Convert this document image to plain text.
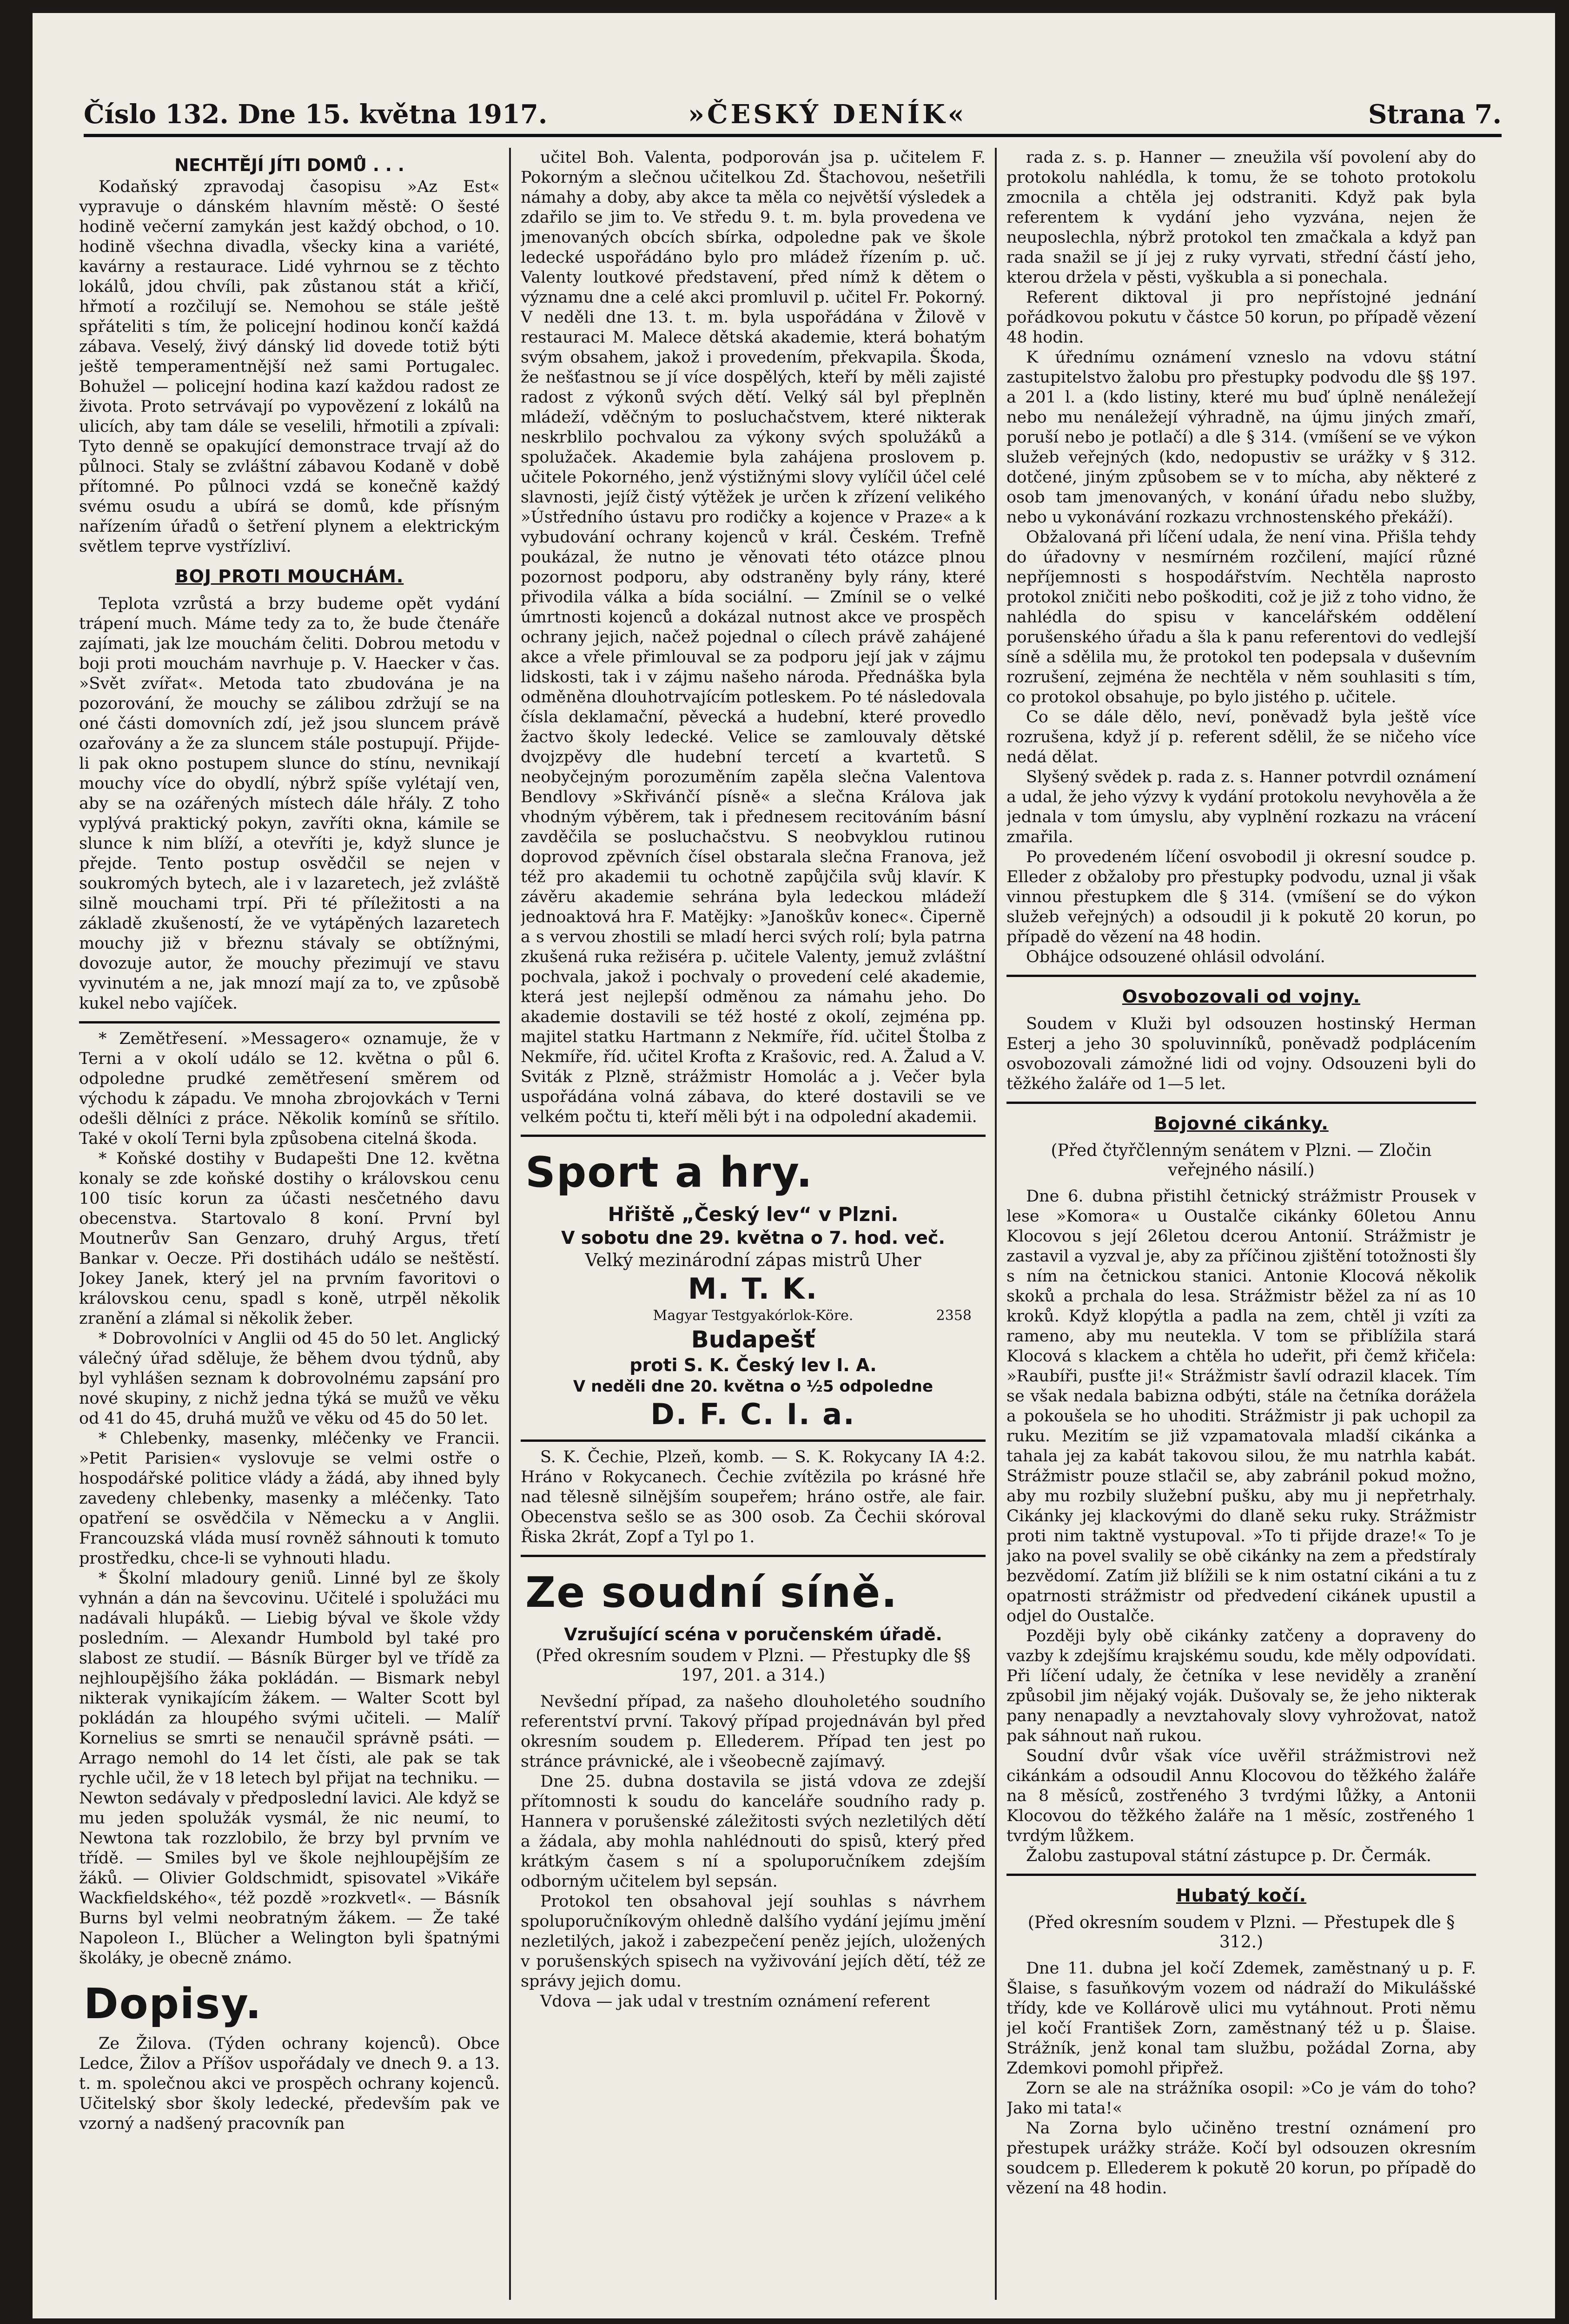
Číslo 132. Dne 15. května 1917.	»ČESKÝ DENÍK«	Strana 7.
NECHTĚJÍ JÍTI DOMŮ . . .

Kodaňský zpravodaj časopisu »Az Est« vypravuje o dánském hlavním městě: O šesté hodině večerní zamykán jest každý obchod, o 10. hodině všechna divadla, všecky kina a variété, kavárny a restaurace. Lidé vyhrnou se z těchto lokálů, jdou chvíli, pak zůstanou stát a křičí, hřmotí a rozčilují se. Nemohou se stále ještě spřáteliti s tím, že policejní hodinou končí každá zábava. Veselý, živý dánský lid dovede totiž býti ještě temperamentnější než sami Portugalec. Bohužel — policejní hodina kazí každou radost ze života. Proto setrvávají po vypovězení z lokálů na ulicích, aby tam dále se veselili, hřmotili a zpívali: Tyto denně se opakující demonstrace trvají až do půlnoci. Staly se zvláštní zábavou Kodaně v době přítomné. Po půlnoci vzdá se konečně každý svému osudu a ubírá se domů, kde přísným nařízením úřadů o šetření plynem a elektrickým světlem teprve vystřízliví.

BOJ PROTI MOUCHÁM.

Teplota vzrůstá a brzy budeme opět vydání trápení much. Máme tedy za to, že bude čtenáře zajímati, jak lze mouchám čeliti. Dobrou metodu v boji proti mouchám navrhuje p. V. Haecker v čas. »Svět zvířat«. Metoda tato zbudována je na pozorování, že mouchy se zálibou zdržují se na oné části domovních zdí, jež jsou sluncem právě ozařovány a že za sluncem stále postupují. Přijde-li pak okno postupem slunce do stínu, nevnikají mouchy více do obydlí, nýbrž spíše vylétají ven, aby se na ozářených místech dále hřály. Z toho vyplývá praktický pokyn, zavříti okna, kámile se slunce k nim blíží, a otevříti je, když slunce je přejde. Tento postup osvědčil se nejen v soukromých bytech, ale i v lazaretech, jež zvláště silně mouchami trpí. Při té příležitosti a na základě zkušeností, že ve vytápěných lazaretech mouchy již v březnu stávaly se obtížnými, dovozuje autor, že mouchy přezimují ve stavu vyvinutém a ne, jak mnozí mají za to, ve způsobě kukel nebo vajíček.

* Zemětřesení. »Messagero« oznamuje, že v Terni a v okolí událo se 12. května o půl 6. odpoledne prudké zemětřesení směrem od východu k západu. Ve mnoha zbrojovkách v Terni odešli dělníci z práce. Několik komínů se sřítilo. Také v okolí Terni byla způsobena citelná škoda.

* Koňské dostihy v Budapešti Dne 12. května konaly se zde koňské dostihy o královskou cenu 100 tisíc korun za účasti nesčetného davu obecenstva. Startovalo 8 koní. První byl Moutnerův San Genzaro, druhý Argus, třetí Bankar v. Oecze. Při dostihách událo se neštěstí. Jokey Janek, který jel na prvním favoritovi o královskou cenu, spadl s koně, utrpěl několik zranění a zlámal si několik žeber.

* Dobrovolníci v Anglii od 45 do 50 let. Anglický válečný úřad sděluje, že během dvou týdnů, aby byl vyhlášen seznam k dobrovolnému zapsání pro nové skupiny, z nichž jedna týká se mužů ve věku od 41 do 45, druhá mužů ve věku od 45 do 50 let.

* Chlebenky, masenky, mléčenky ve Francii. »Petit Parisien« vyslovuje se velmi ostře o hospodářské politice vlády a žádá, aby ihned byly zavedeny chlebenky, masenky a mléčenky. Tato opatření se osvědčila v Německu a v Anglii. Francouzská vláda musí rovněž sáhnouti k tomuto prostředku, chce-li se vyhnouti hladu.

* Školní mladoury geniů. Linné byl ze školy vyhnán a dán na ševcovinu. Učitelé i spolužáci mu nadávali hlupáků. — Liebig býval ve škole vždy posledním. — Alexandr Humbold byl také pro slabost ze studií. — Básník Bürger byl ve třídě za nejhloupějšího žáka pokládán. — Bismark nebyl nikterak vynikajícím žákem. — Walter Scott byl pokládán za hloupého svými učiteli. — Malíř Kornelius se smrti se nenaučil správně psáti. — Arrago nemohl do 14 let čísti, ale pak se tak rychle učil, že v 18 letech byl přijat na techniku. — Newton sedávaly v předposlední lavici. Ale když se mu jeden spolužák vysmál, že nic neumí, to Newtona tak rozzlobilo, že brzy byl prvním ve třídě. — Smiles byl ve škole nejhloupějším ze žáků. — Olivier Goldschmidt, spisovatel »Vikáře Wackfieldského«, též pozdě »rozkvetl«. — Básník Burns byl velmi neobratným žákem. — Že také Napoleon I., Blücher a Welington byli špatnými školáky, je obecně známo.

Dopisy.

Ze Žilova. (Týden ochrany kojenců). Obce Ledce, Žilov a Příšov uspořádaly ve dnech 9. a 13. t. m. společnou akci ve prospěch ochrany kojenců. Učitelský sbor školy ledecké, především pak ve vzorný a nadšený pracovník pan

učitel Boh. Valenta, podporován jsa p. učitelem F. Pokorným a slečnou učitelkou Zd. Štachovou, nešetřili námahy a doby, aby akce ta měla co největší výsledek a zdařilo se jim to. Ve středu 9. t. m. byla provedena ve jmenovaných obcích sbírka, odpoledne pak ve škole ledecké uspořádáno bylo pro mládež řízením p. uč. Valenty loutkové představení, před nímž k dětem o významu dne a celé akci promluvil p. učitel Fr. Pokorný. V neděli dne 13. t. m. byla uspořádána v Žilově v restauraci M. Malece dětská akademie, která bohatým svým obsahem, jakož i provedením, překvapila. Škoda, že nešťastnou se jí více dospělých, kteří by měli zajisté radost z výkonů svých dětí. Velký sál byl přeplněn mládeží, vděčným to posluchačstvem, které nikterak neskrblilo pochvalou za výkony svých spolužáků a spolužaček. Akademie byla zahájena proslovem p. učitele Pokorného, jenž výstižnými slovy vylíčil účel celé slavnosti, jejíž čistý výtěžek je určen k zřízení velikého »Ústředního ústavu pro rodičky a kojence v Praze« a k vybudování ochrany kojenců v král. Českém. Trefně poukázal, že nutno je věnovati této otázce plnou pozornost podporu, aby odstraněny byly rány, které přivodila válka a bída sociální. — Zmínil se o velké úmrtnosti kojenců a dokázal nutnost akce ve prospěch ochrany jejich, načež pojednal o cílech právě zahájené akce a vřele přimlouval se za podporu její jak v zájmu lidskosti, tak i v zájmu našeho národa. Přednáška byla odměněna dlouhotrvajícím potleskem. Po té následovala čísla deklamační, pěvecká a hudební, které provedlo žactvo školy ledecké. Velice se zamlouvaly dětské dvojzpěvy dle hudební tercetí a kvartetů. S neobyčejným porozuměním zapěla slečna Valentova Bendlovy »Skřivánčí písně« a slečna Králova jak vhodným výběrem, tak i přednesem recitováním básní zavděčila se posluchačstvu. S neobvyklou rutinou doprovod zpěvních čísel obstarala slečna Franova, jež též pro akademii tu ochotně zapůjčila svůj klavír. K závěru akademie sehrána byla ledeckou mládeží jednoaktová hra F. Matějky: »Janoškův konec«. Čiperně a s vervou zhostili se mladí herci svých rolí; byla patrna zkušená ruka režiséra p. učitele Valenty, jemuž zvláštní pochvala, jakož i pochvaly o provedení celé akademie, která jest nejlepší odměnou za námahu jeho. Do akademie dostavili se též hosté z okolí, zejména pp. majitel statku Hartmann z Nekmíře, říd. učitel Štolba z Nekmíře, říd. učitel Krofta z Krašovic, red. A. Žalud a V. Sviták z Plzně, strážmistr Homolác a j. Večer byla uspořádána volná zábava, do které dostavili se ve velkém počtu ti, kteří měli být i na odpolední akademii.

Sport a hry.
Hřiště „Český lev“ v Plzni.
V sobotu dne 29. května o 7. hod. več.
Velký mezinárodní zápas mistrů Uher
M. T. K.
Magyar Testgyakórlok-Köre.	2358
Budapešť
proti S. K. Český lev I. A.
V neděli dne 20. května o ½5 odpoledne
D. F. C. I. a.

S. K. Čechie, Plzeň, komb. — S. K. Rokycany IA 4:2. Hráno v Rokycanech. Čechie zvítězila po krásné hře nad tělesně silnějším soupeřem; hráno ostře, ale fair. Obecenstva sešlo se as 300 osob. Za Čechii skóroval Řiska 2krát, Zopf a Tyl po 1.

Ze soudní síně.
Vzrušující scéna v poručenském úřadě.
(Před okresním soudem v Plzni. — Přestupky dle §§ 197, 201. a 314.)

Nevšední případ, za našeho dlouholetého soudního referentství první. Takový případ projednáván byl před okresním soudem p. Ellederem. Případ ten jest po stránce právnické, ale i všeobecně zajímavý.

Dne 25. dubna dostavila se jistá vdova ze zdejší přítomnosti k soudu do kanceláře soudního rady p. Hannera v porušenské záležitosti svých nezletilých dětí a žádala, aby mohla nahlédnouti do spisů, který před krátkým časem s ní a spoluporučníkem zdejším odborným učitelem byl sepsán.

Protokol ten obsahoval její souhlas s návrhem spoluporučníkovým ohledně dalšího vydání jejímu jmění nezletilých, jakož i zabezpečení peněz jejích, uložených v porušenských spisech na vyživování jejích dětí, též ze správy jejich domu.

Vdova — jak udal v trestním oznámení referent

rada z. s. p. Hanner — zneužila vší povolení aby do protokolu nahlédla, k tomu, že se tohoto protokolu zmocnila a chtěla jej odstraniti. Když pak byla referentem k vydání jeho vyzvána, nejen že neuposlechla, nýbrž protokol ten zmačkala a když pan rada snažil se jí jej z ruky vyrvati, střední částí jeho, kterou držela v pěsti, vyškubla a si ponechala.

Referent diktoval ji pro nepřístojné jednání pořádkovou pokutu v částce 50 korun, po případě vězení 48 hodin.

K úřednímu oznámení vzneslo na vdovu státní zastupitelstvo žalobu pro přestupky podvodu dle §§ 197. a 201 l. a (kdo listiny, které mu buď úplně nenáležejí nebo mu nenáležejí výhradně, na újmu jiných zmaří, poruší nebo je potlačí) a dle § 314. (vmíšení se ve výkon služeb veřejných (kdo, nedopustiv se urážky v § 312. dotčené, jiným způsobem se v to mícha, aby některé z osob tam jmenovaných, v konání úřadu nebo služby, nebo u vykonávání rozkazu vrchnostenského překáží).

Obžalovaná při líčení udala, že není vina. Přišla tehdy do úřadovny v nesmírném rozčilení, mající různé nepříjemnosti s hospodářstvím. Nechtěla naprosto protokol zničiti nebo poškoditi, což je již z toho vidno, že nahlédla do spisu v kancelářském oddělení porušenského úřadu a šla k panu referentovi do vedlejší síně a sdělila mu, že protokol ten podepsala v duševním rozrušení, zejména že nechtěla v něm souhlasiti s tím, co protokol obsahuje, po bylo jistého p. učitele.

Co se dále dělo, neví, poněvadž byla ještě více rozrušena, když jí p. referent sdělil, že se ničeho více nedá dělat.

Slyšený svědek p. rada z. s. Hanner potvrdil oznámení a udal, že jeho výzvy k vydání protokolu nevyhověla a že jednala v tom úmyslu, aby vyplnění rozkazu na vrácení zmařila.

Po provedeném líčení osvobodil ji okresní soudce p. Elleder z obžaloby pro přestupky podvodu, uznal ji však vinnou přestupkem dle § 314. (vmíšení se do výkon služeb veřejných) a odsoudil ji k pokutě 20 korun, po případě do vězení na 48 hodin.

Obhájce odsouzené ohlásil odvolání.

Osvobozovali od vojny.

Soudem v Kluži byl odsouzen hostinský Herman Esterj a jeho 30 spoluvinníků, poněvadž podplácením osvobozovali zámožné lidi od vojny. Odsouzeni byli do těžkého žaláře od 1—5 let.

Bojovné cikánky.
(Před čtyřčlenným senátem v Plzni. — Zločin veřejného násilí.)

Dne 6. dubna přistihl četnický strážmistr Prousek v lese »Komora« u Oustalče cikánky 60letou Annu Klocovou s její 26letou dcerou Antonií. Strážmistr je zastavil a vyzval je, aby za příčinou zjištění totožnosti šly s ním na četnickou stanici. Antonie Klocová několik skoků a prchala do lesa. Strážmistr běžel za ní as 10 kroků. Když klopýtla a padla na zem, chtěl ji vzíti za rameno, aby mu neutekla. V tom se přiblížila stará Klocová s klackem a chtěla ho udeřit, při čemž křičela: »Raubíři, pusťte ji!« Strážmistr šavlí odrazil klacek. Tím se však nedala babizna odbýti, stále na četníka dorážela a pokoušela se ho uhoditi. Strážmistr ji pak uchopil za ruku. Mezitím se již vzpamatovala mladší cikánka a tahala jej za kabát takovou silou, že mu natrhla kabát. Strážmistr pouze stlačil se, aby zabránil pokud možno, aby mu rozbily služební pušku, aby mu ji nepřetrhaly. Cikánky jej klackovými do dlaně seku ruky. Strážmistr proti nim taktně vystupoval. »To ti přijde draze!« To je jako na povel svalily se obě cikánky na zem a předstíraly bezvědomí. Zatím již blížili se k nim ostatní cikáni a tu z opatrnosti strážmistr od předvedení cikánek upustil a odjel do Oustalče.

Později byly obě cikánky zatčeny a dopraveny do vazby k zdejšímu krajskému soudu, kde měly odpovídati. Při líčení udaly, že četníka v lese neviděly a zranění způsobil jim nějaký voják. Dušovaly se, že jeho nikterak pany nenapadly a nevztahovaly slovy vyhrožovat, natož pak sáhnout naň rukou.

Soudní dvůr však více uvěřil strážmistrovi než cikánkám a odsoudil Annu Klocovou do těžkého žaláře na 8 měsíců, zostřeného 3 tvrdými lůžky, a Antonii Klocovou do těžkého žaláře na 1 měsíc, zostřeného 1 tvrdým lůžkem.

Žalobu zastupoval státní zástupce p. Dr. Čermák.

Hubatý kočí.
(Před okresním soudem v Plzni. — Přestupek dle § 312.)

Dne 11. dubna jel kočí Zdemek, zaměstnaný u p. F. Šlaise, s fasuňkovým vozem od nádraží do Mikulášské třídy, kde ve Kollárově ulici mu vytáhnout. Proti němu jel kočí František Zorn, zaměstnaný též u p. Šlaise. Strážník, jenž konal tam službu, požádal Zorna, aby Zdemkovi pomohl připřež.

Zorn se ale na strážníka osopil: »Co je vám do toho? Jako mi tata!«

Na Zorna bylo učiněno trestní oznámení pro přestupek urážky stráže. Kočí byl odsouzen okresním soudcem p. Ellederem k pokutě 20 korun, po případě do vězení na 48 hodin.
